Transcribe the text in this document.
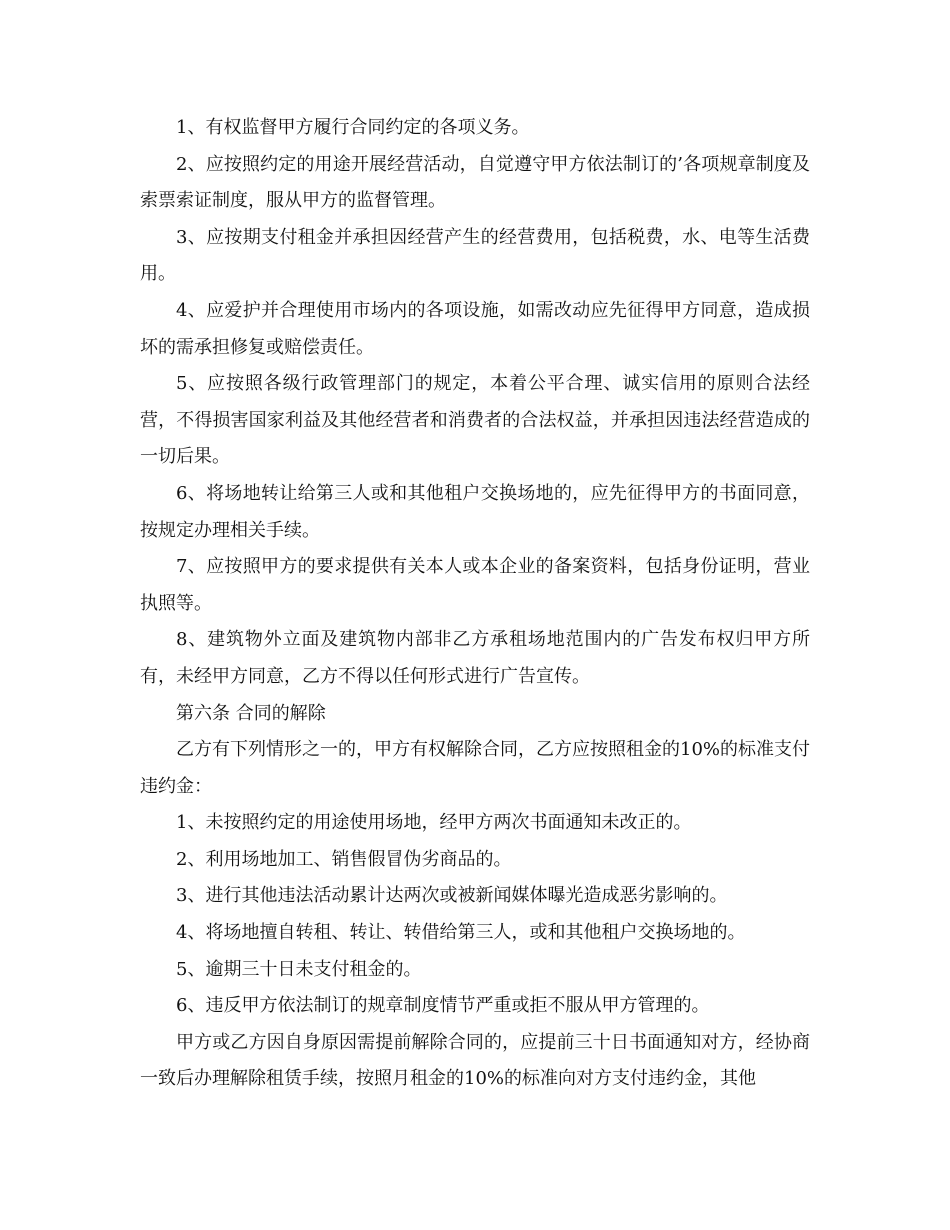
1、有权监督甲方履行合同约定的各项义务。

2、应按照约定的用途开展经营活动，自觉遵守甲方依法制订的’各项规章制度及索票索证制度，服从甲方的监督管理。

3、应按期支付租金并承担因经营产生的经营费用，包括税费，水、电等生活费用。

4、应爱护并合理使用市场内的各项设施，如需改动应先征得甲方同意，造成损坏的需承担修复或赔偿责任。

5、应按照各级行政管理部门的规定，本着公平合理、诚实信用的原则合法经营，不得损害国家利益及其他经营者和消费者的合法权益，并承担因违法经营造成的一切后果。

6、将场地转让给第三人或和其他租户交换场地的，应先征得甲方的书面同意，按规定办理相关手续。

7、应按照甲方的要求提供有关本人或本企业的备案资料，包括身份证明，营业执照等。

8、建筑物外立面及建筑物内部非乙方承租场地范围内的广告发布权归甲方所有，未经甲方同意，乙方不得以任何形式进行广告宣传。

第六条 合同的解除

乙方有下列情形之一的，甲方有权解除合同，乙方应按照租金的10%的标准支付违约金：

1、未按照约定的用途使用场地，经甲方两次书面通知未改正的。

2、利用场地加工、销售假冒伪劣商品的。

3、进行其他违法活动累计达两次或被新闻媒体曝光造成恶劣影响的。

4、将场地擅自转租、转让、转借给第三人，或和其他租户交换场地的。

5、逾期三十日未支付租金的。

6、违反甲方依法制订的规章制度情节严重或拒不服从甲方管理的。

甲方或乙方因自身原因需提前解除合同的，应提前三十日书面通知对方，经协商一致后办理解除租赁手续，按照月租金的10%的标准向对方支付违约金，其他
